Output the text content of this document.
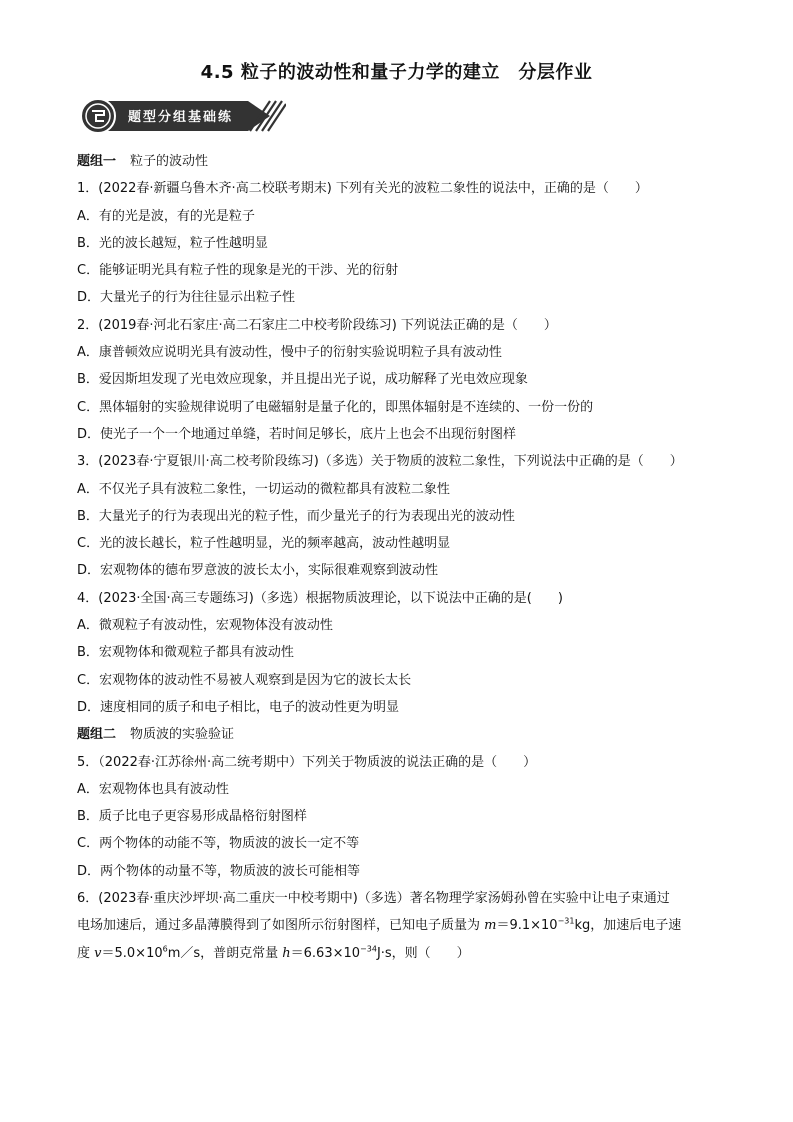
4.5 粒子的波动性和量子力学的建立　分层作业
题型分组基础练
题组一 粒子的波动性
1．(2022春·新疆乌鲁木齐·高二校联考期末) 下列有关光的波粒二象性的说法中，正确的是（　　）
A．有的光是波，有的光是粒子
B．光的波长越短，粒子性越明显
C．能够证明光具有粒子性的现象是光的干涉、光的衍射
D．大量光子的行为往往显示出粒子性
2．(2019春·河北石家庄·高二石家庄二中校考阶段练习) 下列说法正确的是（　　）
A．康普顿效应说明光具有波动性，慢中子的衍射实验说明粒子具有波动性
B．爱因斯坦发现了光电效应现象，并且提出光子说，成功解释了光电效应现象
C．黑体辐射的实验规律说明了电磁辐射是量子化的，即黑体辐射是不连续的、一份一份的
D．使光子一个一个地通过单缝，若时间足够长，底片上也会不出现衍射图样
3．(2023春·宁夏银川·高二校考阶段练习)（多选）关于物质的波粒二象性，下列说法中正确的是（　　）
A．不仅光子具有波粒二象性，一切运动的微粒都具有波粒二象性
B．大量光子的行为表现出光的粒子性，而少量光子的行为表现出光的波动性
C．光的波长越长，粒子性越明显，光的频率越高，波动性越明显
D．宏观物体的德布罗意波的波长太小，实际很难观察到波动性
4．(2023·全国·高三专题练习)（多选）根据物质波理论，以下说法中正确的是(　　)
A．微观粒子有波动性，宏观物体没有波动性
B．宏观物体和微观粒子都具有波动性
C．宏观物体的波动性不易被人观察到是因为它的波长太长
D．速度相同的质子和电子相比，电子的波动性更为明显
题组二 物质波的实验验证
5．（2022春·江苏徐州·高二统考期中）下列关于物质波的说法正确的是（　　）
A．宏观物体也具有波动性
B．质子比电子更容易形成晶格衍射图样
C．两个物体的动能不等，物质波的波长一定不等
D．两个物体的动量不等，物质波的波长可能相等
6．(2023春·重庆沙坪坝·高二重庆一中校考期中)（多选）著名物理学家汤姆孙曾在实验中让电子束通过
电场加速后，通过多晶薄膜得到了如图所示衍射图样，已知电子质量为 $m=9.1\times 10^{-31}kg$，加速后电子速
度 $v=5.0\times 10^6m/s$，普朗克常量 $h=6.63\times 10^{-34}J\cdot s$，则（　　）
